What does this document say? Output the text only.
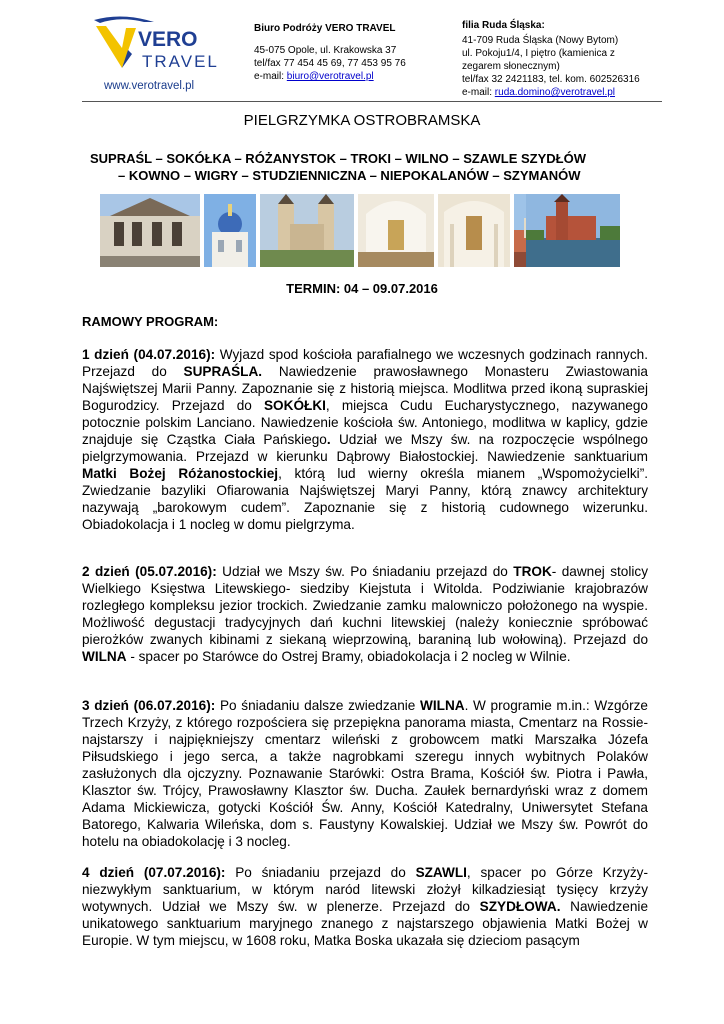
VERO
TRAVEL
www.verotravel.pl
Biuro Podróży VERO TRAVEL
45-075 Opole, ul. Krakowska 37
tel/fax 77 454 45 69, 77 453 95 76
e-mail: biuro@verotravel.pl
filia Ruda Śląska:
41-709 Ruda Śląska (Nowy Bytom)
ul. Pokoju1/4, I piętro (kamienica z
zegarem słonecznym)
tel/fax 32 2421183, tel. kom. 602526316
e-mail: ruda.domino@verotravel.pl
PIELGRZYMKA OSTROBRAMSKA
SUPRAŚL – SOKÓŁKA – RÓŻANYSTOK – TROKI – WILNO – SZAWLE SZYDŁÓW
– KOWNO – WIGRY – STUDZIENNICZNA – NIEPOKALANÓW – SZYMANÓW
TERMIN: 04 – 09.07.2016
RAMOWY PROGRAM:
1 dzień (04.07.2016): Wyjazd spod kościoła parafialnego we wczesnych godzinach rannych. Przejazd do SUPRAŚLA. Nawiedzenie prawosławnego Monasteru Zwiastowania Najświętszej Marii Panny. Zapoznanie się z historią miejsca. Modlitwa przed ikoną supraskiej Bogurodzicy. Przejazd do SOKÓŁKI, miejsca Cudu Eucharystycznego, nazywanego potocznie polskim Lanciano. Nawiedzenie kościoła św. Antoniego, modlitwa w kaplicy, gdzie znajduje się Cząstka Ciała Pańskiego. Udział we Mszy św. na rozpoczęcie wspólnego pielgrzymowania. Przejazd w kierunku Dąbrowy Białostockiej. Nawiedzenie sanktuarium Matki Bożej Różanostockiej, którą lud wierny określa mianem „Wspomożycielki”. Zwiedzanie bazyliki Ofiarowania Najświętszej Maryi Panny, którą znawcy architektury nazywają „barokowym cudem”. Zapoznanie się z historią cudownego wizerunku. Obiadokolacja i 1 nocleg w domu pielgrzyma.
2 dzień (05.07.2016): Udział we Mszy św. Po śniadaniu przejazd do TROK- dawnej stolicy Wielkiego Księstwa Litewskiego- siedziby Kiejstuta i Witolda. Podziwianie krajobrazów rozległego kompleksu jezior trockich. Zwiedzanie zamku malowniczo położonego na wyspie. Możliwość degustacji tradycyjnych dań kuchni litewskiej (należy koniecznie spróbować pierożków zwanych kibinami z siekaną wieprzowiną, baraniną lub wołowiną). Przejazd do WILNA - spacer po Starówce do Ostrej Bramy, obiadokolacja i 2 nocleg w Wilnie.
3 dzień (06.07.2016): Po śniadaniu dalsze zwiedzanie WILNA. W programie m.in.: Wzgórze Trzech Krzyży, z którego rozpościera się przepiękna panorama miasta, Cmentarz na Rossie- najstarszy i najpiękniejszy cmentarz wileński z grobowcem matki Marszałka Józefa Piłsudskiego i jego serca, a także nagrobkami szeregu innych wybitnych Polaków zasłużonych dla ojczyzny. Poznawanie Starówki: Ostra Brama, Kościół św. Piotra i Pawła, Klasztor św. Trójcy, Prawosławny Klasztor św. Ducha. Zaułek bernardyński wraz z domem Adama Mickiewicza, gotycki Kościół Św. Anny, Kościół Katedralny, Uniwersytet Stefana Batorego, Kalwaria Wileńska, dom s. Faustyny Kowalskiej. Udział we Mszy św. Powrót do hotelu na obiadokolację i 3 nocleg.
4 dzień (07.07.2016): Po śniadaniu przejazd do SZAWLI, spacer po Górze Krzyży- niezwykłym sanktuarium, w którym naród litewski złożył kilkadziesiąt tysięcy krzyży wotywnych. Udział we Mszy św. w plenerze. Przejazd do SZYDŁOWA. Nawiedzenie unikatowego sanktuarium maryjnego znanego z najstarszego objawienia Matki Bożej w Europie. W tym miejscu, w 1608 roku, Matka Boska ukazała się dzieciom pasącym
